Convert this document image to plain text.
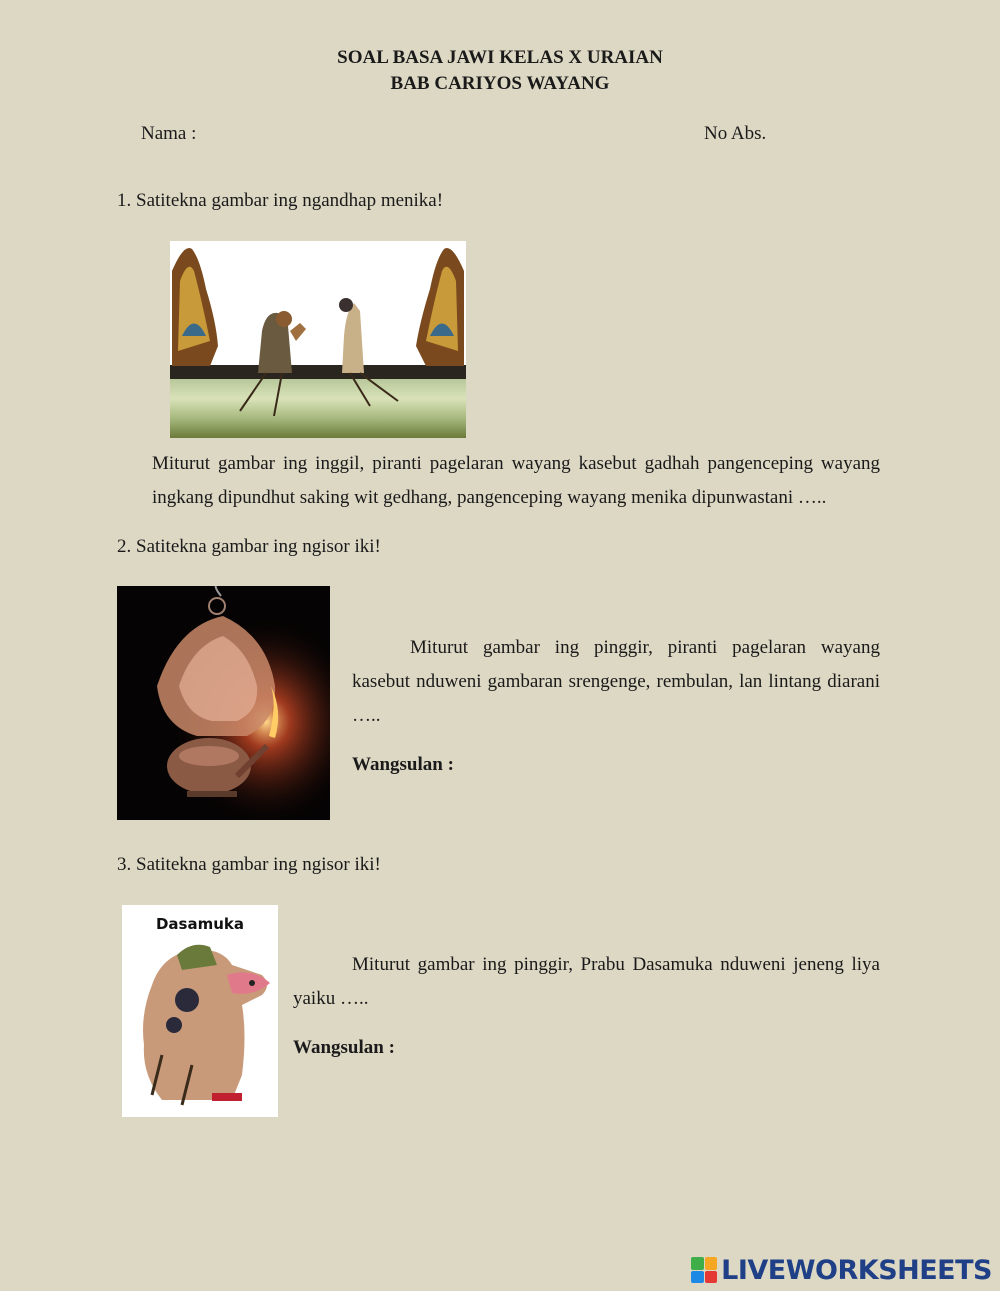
SOAL BASA JAWI KELAS X URAIAN
BAB CARIYOS WAYANG
Nama :	No Abs.
1. Satitekna gambar ing ngandhap menika!
Miturut gambar ing inggil, piranti pagelaran wayang kasebut gadhah pangenceping wayang ingkang dipundhut saking wit gedhang, pangenceping wayang menika dipunwastani …..
2. Satitekna gambar ing ngisor iki!
Miturut gambar ing pinggir, piranti pagelaran wayang kasebut nduweni gambaran srengenge, rembulan, lan lintang diarani …..
Wangsulan :
3. Satitekna gambar ing ngisor iki!
Dasamuka
Miturut gambar ing pinggir, Prabu Dasamuka nduweni jeneng liya yaiku …..
Wangsulan :
LIVEWORKSHEETS
